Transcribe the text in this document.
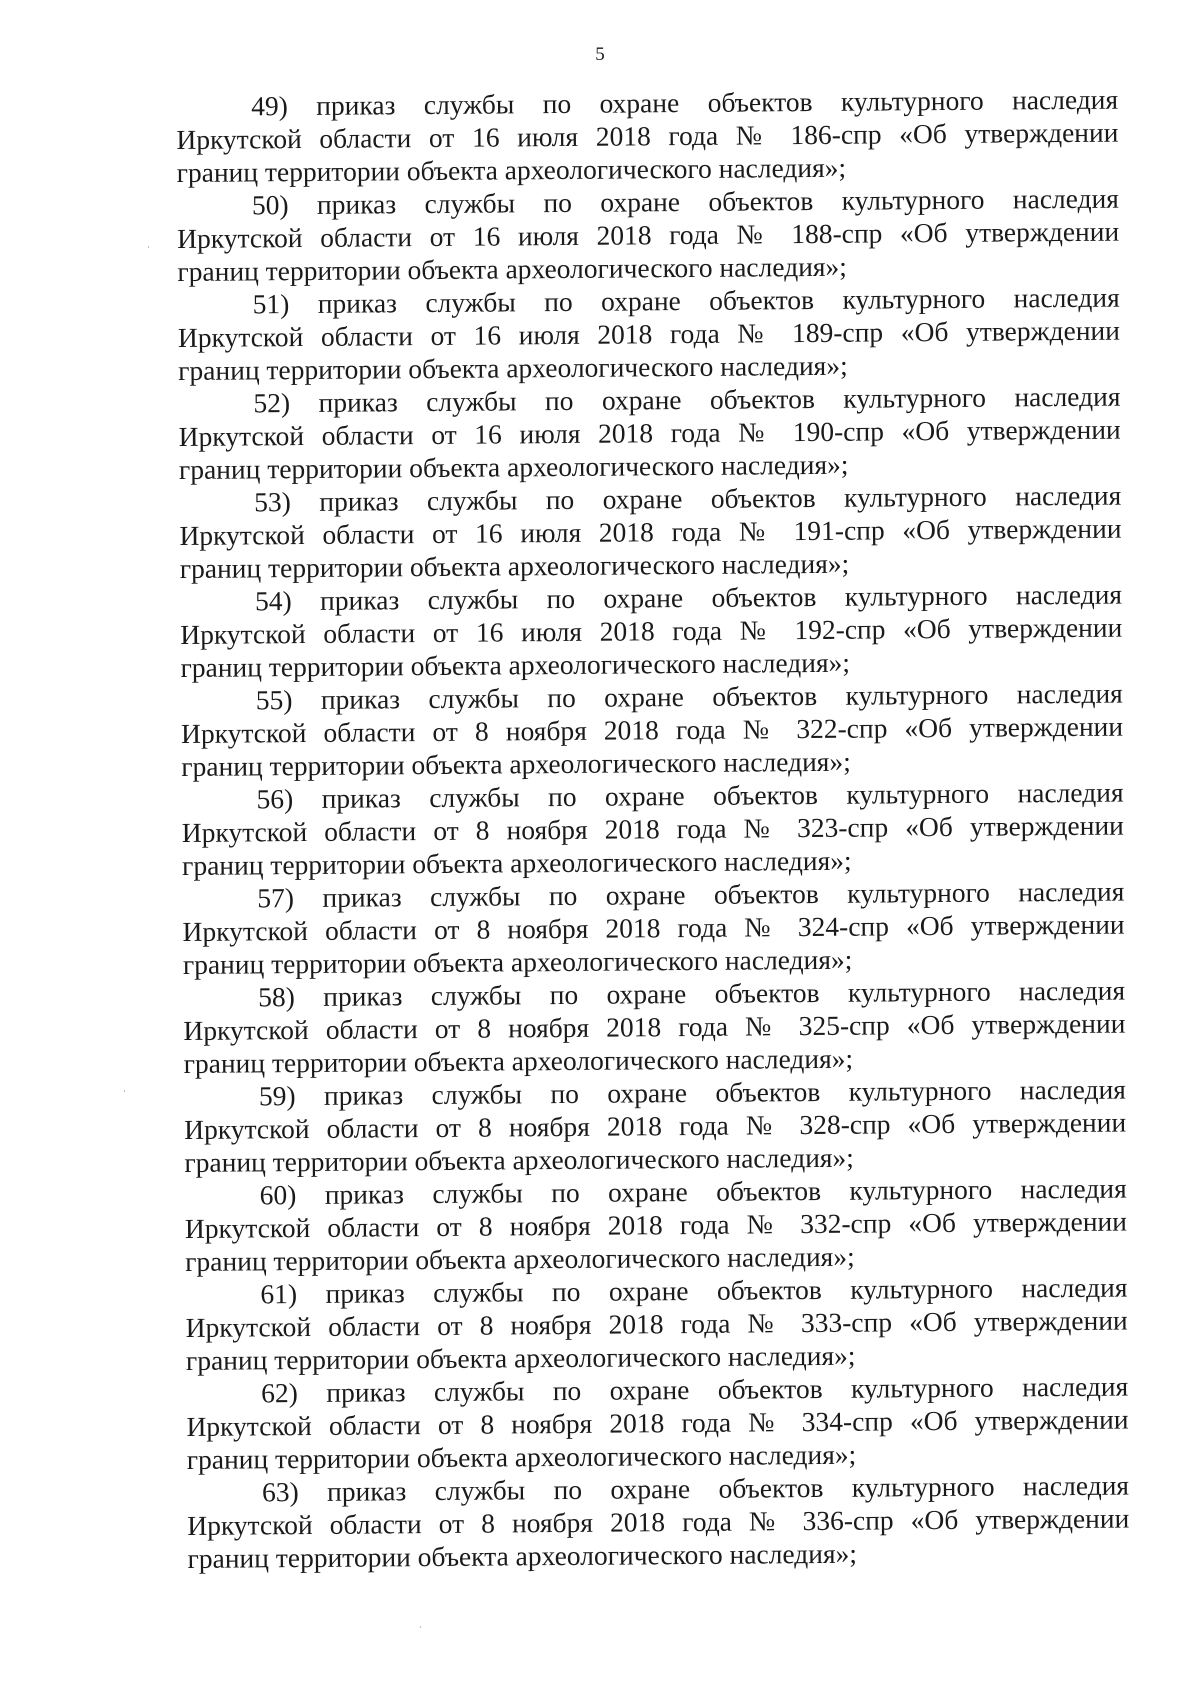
5
49) приказ службы по охране объектов культурного наследия
Иркутской области от 16 июля 2018 года № 186-спр «Об утверждении
границ территории объекта археологического наследия»;
50) приказ службы по охране объектов культурного наследия
Иркутской области от 16 июля 2018 года № 188-спр «Об утверждении
границ территории объекта археологического наследия»;
51) приказ службы по охране объектов культурного наследия
Иркутской области от 16 июля 2018 года № 189-спр «Об утверждении
границ территории объекта археологического наследия»;
52) приказ службы по охране объектов культурного наследия
Иркутской области от 16 июля 2018 года № 190-спр «Об утверждении
границ территории объекта археологического наследия»;
53) приказ службы по охране объектов культурного наследия
Иркутской области от 16 июля 2018 года № 191-спр «Об утверждении
границ территории объекта археологического наследия»;
54) приказ службы по охране объектов культурного наследия
Иркутской области от 16 июля 2018 года № 192-спр «Об утверждении
границ территории объекта археологического наследия»;
55) приказ службы по охране объектов культурного наследия
Иркутской области от 8 ноября 2018 года № 322-спр «Об утверждении
границ территории объекта археологического наследия»;
56) приказ службы по охране объектов культурного наследия
Иркутской области от 8 ноября 2018 года № 323-спр «Об утверждении
границ территории объекта археологического наследия»;
57) приказ службы по охране объектов культурного наследия
Иркутской области от 8 ноября 2018 года № 324-спр «Об утверждении
границ территории объекта археологического наследия»;
58) приказ службы по охране объектов культурного наследия
Иркутской области от 8 ноября 2018 года № 325-спр «Об утверждении
границ территории объекта археологического наследия»;
59) приказ службы по охране объектов культурного наследия
Иркутской области от 8 ноября 2018 года № 328-спр «Об утверждении
границ территории объекта археологического наследия»;
60) приказ службы по охране объектов культурного наследия
Иркутской области от 8 ноября 2018 года № 332-спр «Об утверждении
границ территории объекта археологического наследия»;
61) приказ службы по охране объектов культурного наследия
Иркутской области от 8 ноября 2018 года № 333-спр «Об утверждении
границ территории объекта археологического наследия»;
62) приказ службы по охране объектов культурного наследия
Иркутской области от 8 ноября 2018 года № 334-спр «Об утверждении
границ территории объекта археологического наследия»;
63) приказ службы по охране объектов культурного наследия
Иркутской области от 8 ноября 2018 года № 336-спр «Об утверждении
границ территории объекта археологического наследия»;
